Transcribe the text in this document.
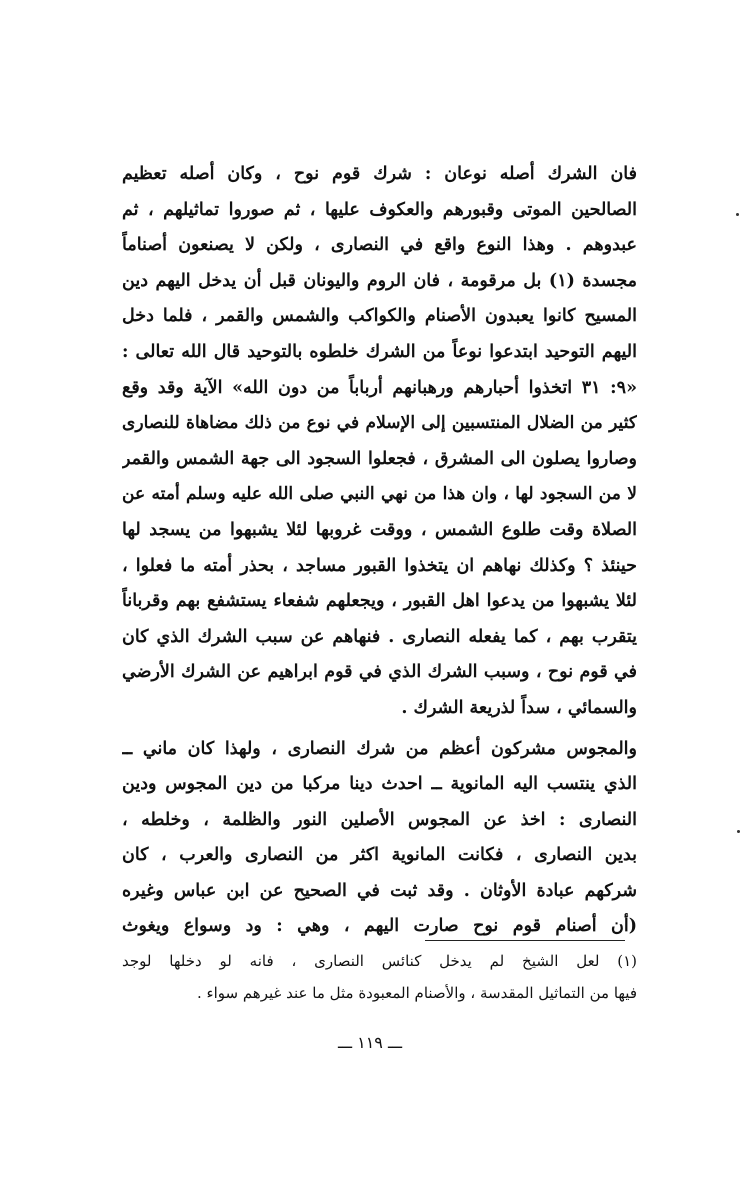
فان الشرك أصله نوعان : شرك قوم نوح ، وكان أصله تعظيم
الصالحين الموتى وقبورهم والعكوف عليها ، ثم صوروا تماثيلهم ، ثم
عبدوهم . وهذا النوع واقع في النصارى ، ولكن لا يصنعون أصناماً
مجسدة (١) بل مرقومة ، فان الروم واليونان قبل أن يدخل اليهم دين
المسيح كانوا يعبدون الأصنام والكواكب والشمس والقمر ، فلما دخل
اليهم التوحيد ابتدعوا نوعاً من الشرك خلطوه بالتوحيد قال الله تعالى :
«٩: ٣١ اتخذوا أحبارهم ورهبانهم أرباباً من دون الله» الآية وقد وقع
كثير من الضلال المنتسبين إلى الإسلام في نوع من ذلك مضاهاة للنصارى
وصاروا يصلون الى المشرق ، فجعلوا السجود الى جهة الشمس والقمر
لا من السجود لها ، وان هذا من نهي النبي صلى الله عليه وسلم أمته عن
الصلاة وقت طلوع الشمس ، ووقت غروبها لئلا يشبهوا من يسجد لها
حينئذ ؟ وكذلك نهاهم ان يتخذوا القبور مساجد ، بحذر أمته ما فعلوا ،
لئلا يشبهوا من يدعوا اهل القبور ، ويجعلهم شفعاء يستشفع بهم وقرباناً
يتقرب بهم ، كما يفعله النصارى . فنهاهم عن سبب الشرك الذي كان
في قوم نوح ، وسبب الشرك الذي في قوم ابراهيم عن الشرك الأرضي
والسمائي ، سداً لذريعة الشرك .
والمجوس مشركون أعظم من شرك النصارى ، ولهذا كان ماني ــ
الذي ينتسب اليه المانوية ــ احدث دينا مركبا من دين المجوس ودين
النصارى : اخذ عن المجوس الأصلين النور والظلمة ، وخلطه ،
بدين النصارى ، فكانت المانوية اكثر من النصارى والعرب ، كان
شركهم عبادة الأوثان . وقد ثبت في الصحيح عن ابن عباس وغيره
(أن أصنام قوم نوح صارت اليهم ، وهي : ود وسواع ويغوث
(١) لعل الشيخ لم يدخل كنائس النصارى ، فانه لو دخلها لوجد
فيها من التماثيل المقدسة ، والأصنام المعبودة مثل ما عند غيرهم سواء .
ـــ ١١٩ ـــ
